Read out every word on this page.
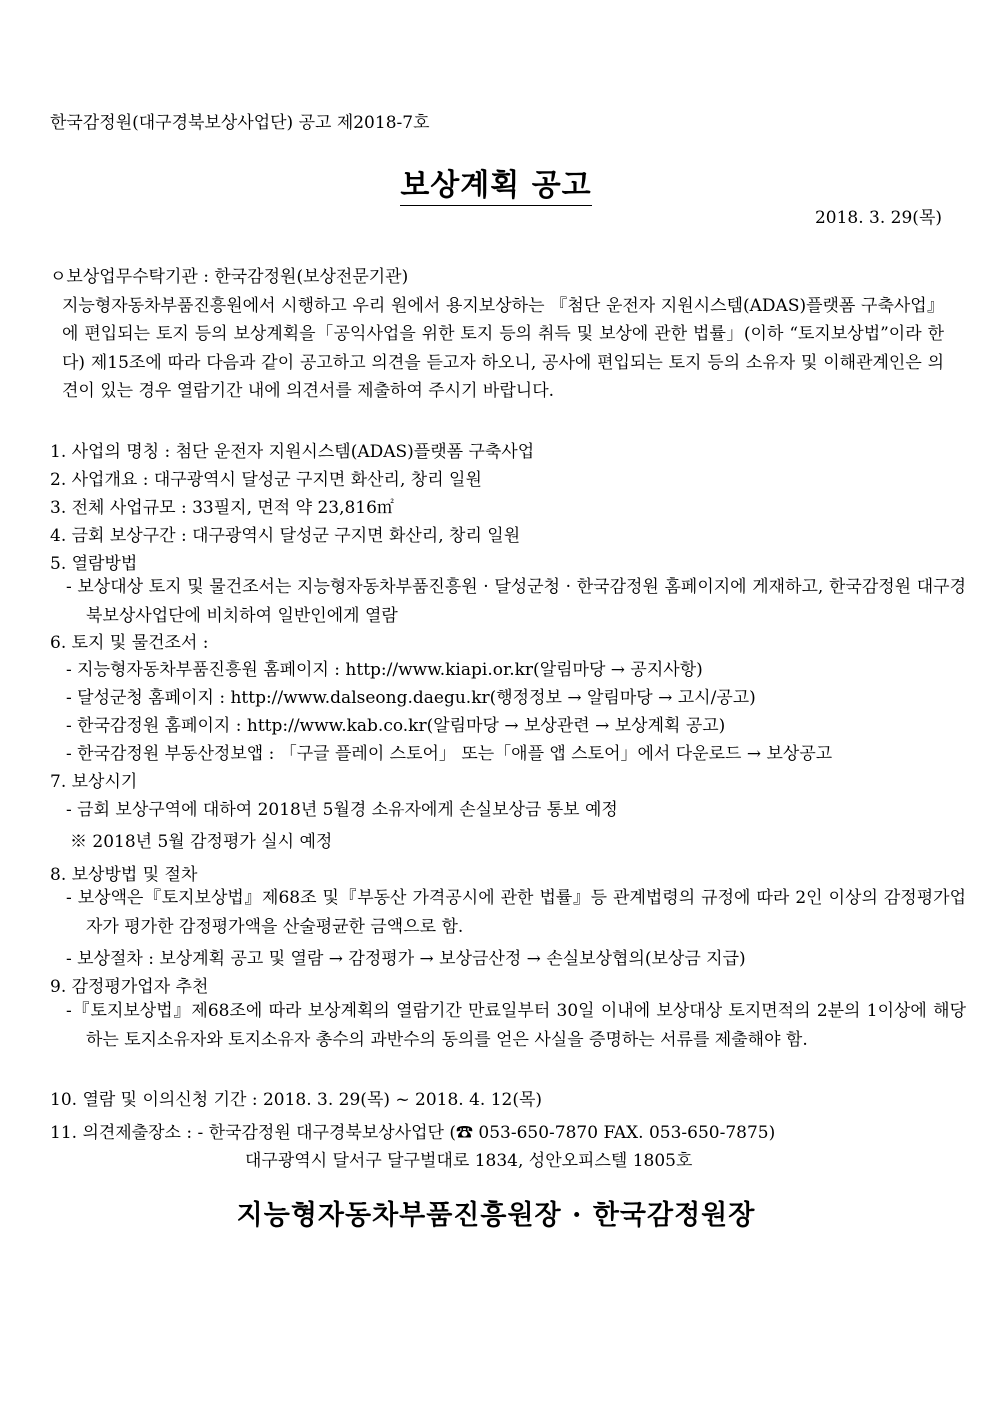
한국감정원(대구경북보상사업단) 공고 제2018-7호
보상계획 공고
2018. 3. 29(목)
ㅇ보상업무수탁기관 : 한국감정원(보상전문기관)
지능형자동차부품진흥원에서 시행하고 우리 원에서 용지보상하는 『첨단 운전자 지원시스템(ADAS)플랫폼 구축사업』에 편입되는 토지 등의 보상계획을「공익사업을 위한 토지 등의 취득 및 보상에 관한 법률」(이하 “토지보상법”이라 한다) 제15조에 따라 다음과 같이 공고하고 의견을 듣고자 하오니, 공사에 편입되는 토지 등의 소유자 및 이해관계인은 의견이 있는 경우 열람기간 내에 의견서를 제출하여 주시기 바랍니다.
1. 사업의 명칭 : 첨단 운전자 지원시스템(ADAS)플랫폼 구축사업
2. 사업개요 : 대구광역시 달성군 구지면 화산리, 창리 일원
3. 전체 사업규모 : 33필지, 면적 약 23,816㎡
4. 금회 보상구간 : 대구광역시 달성군 구지면 화산리, 창리 일원
5. 열람방법
- 보상대상 토지 및 물건조서는 지능형자동차부품진흥원 · 달성군청 · 한국감정원 홈페이지에 게재하고, 한국감정원 대구경북보상사업단에 비치하여 일반인에게 열람
6. 토지 및 물건조서 :
- 지능형자동차부품진흥원 홈페이지 : http://www.kiapi.or.kr(알림마당 → 공지사항)
- 달성군청 홈페이지 : http://www.dalseong.daegu.kr(행정정보 → 알림마당 → 고시/공고)
- 한국감정원 홈페이지 : http://www.kab.co.kr(알림마당 → 보상관련 → 보상계획 공고)
- 한국감정원 부동산정보앱 : 「구글 플레이 스토어」 또는「애플 앱 스토어」에서 다운로드 → 보상공고
7. 보상시기
- 금회 보상구역에 대하여 2018년 5월경 소유자에게 손실보상금 통보 예정
※ 2018년 5월 감정평가 실시 예정
8. 보상방법 및 절차
- 보상액은『토지보상법』제68조 및『부동산 가격공시에 관한 법률』등 관계법령의 규정에 따라 2인 이상의 감정평가업자가 평가한 감정평가액을 산술평균한 금액으로 함.
- 보상절차 : 보상계획 공고 및 열람 → 감정평가 → 보상금산정 → 손실보상협의(보상금 지급)
9. 감정평가업자 추천
-『토지보상법』제68조에 따라 보상계획의 열람기간 만료일부터 30일 이내에 보상대상 토지면적의 2분의 1이상에 해당하는 토지소유자와 토지소유자 총수의 과반수의 동의를 얻은 사실을 증명하는 서류를 제출해야 함.
10. 열람 및 이의신청 기간 : 2018. 3. 29(목) ~ 2018. 4. 12(목)
11. 의견제출장소 : - 한국감정원 대구경북보상사업단 (☎ 053-650-7870 FAX. 053-650-7875)
대구광역시 달서구 달구벌대로 1834, 성안오피스텔 1805호
지능형자동차부품진흥원장 · 한국감정원장
